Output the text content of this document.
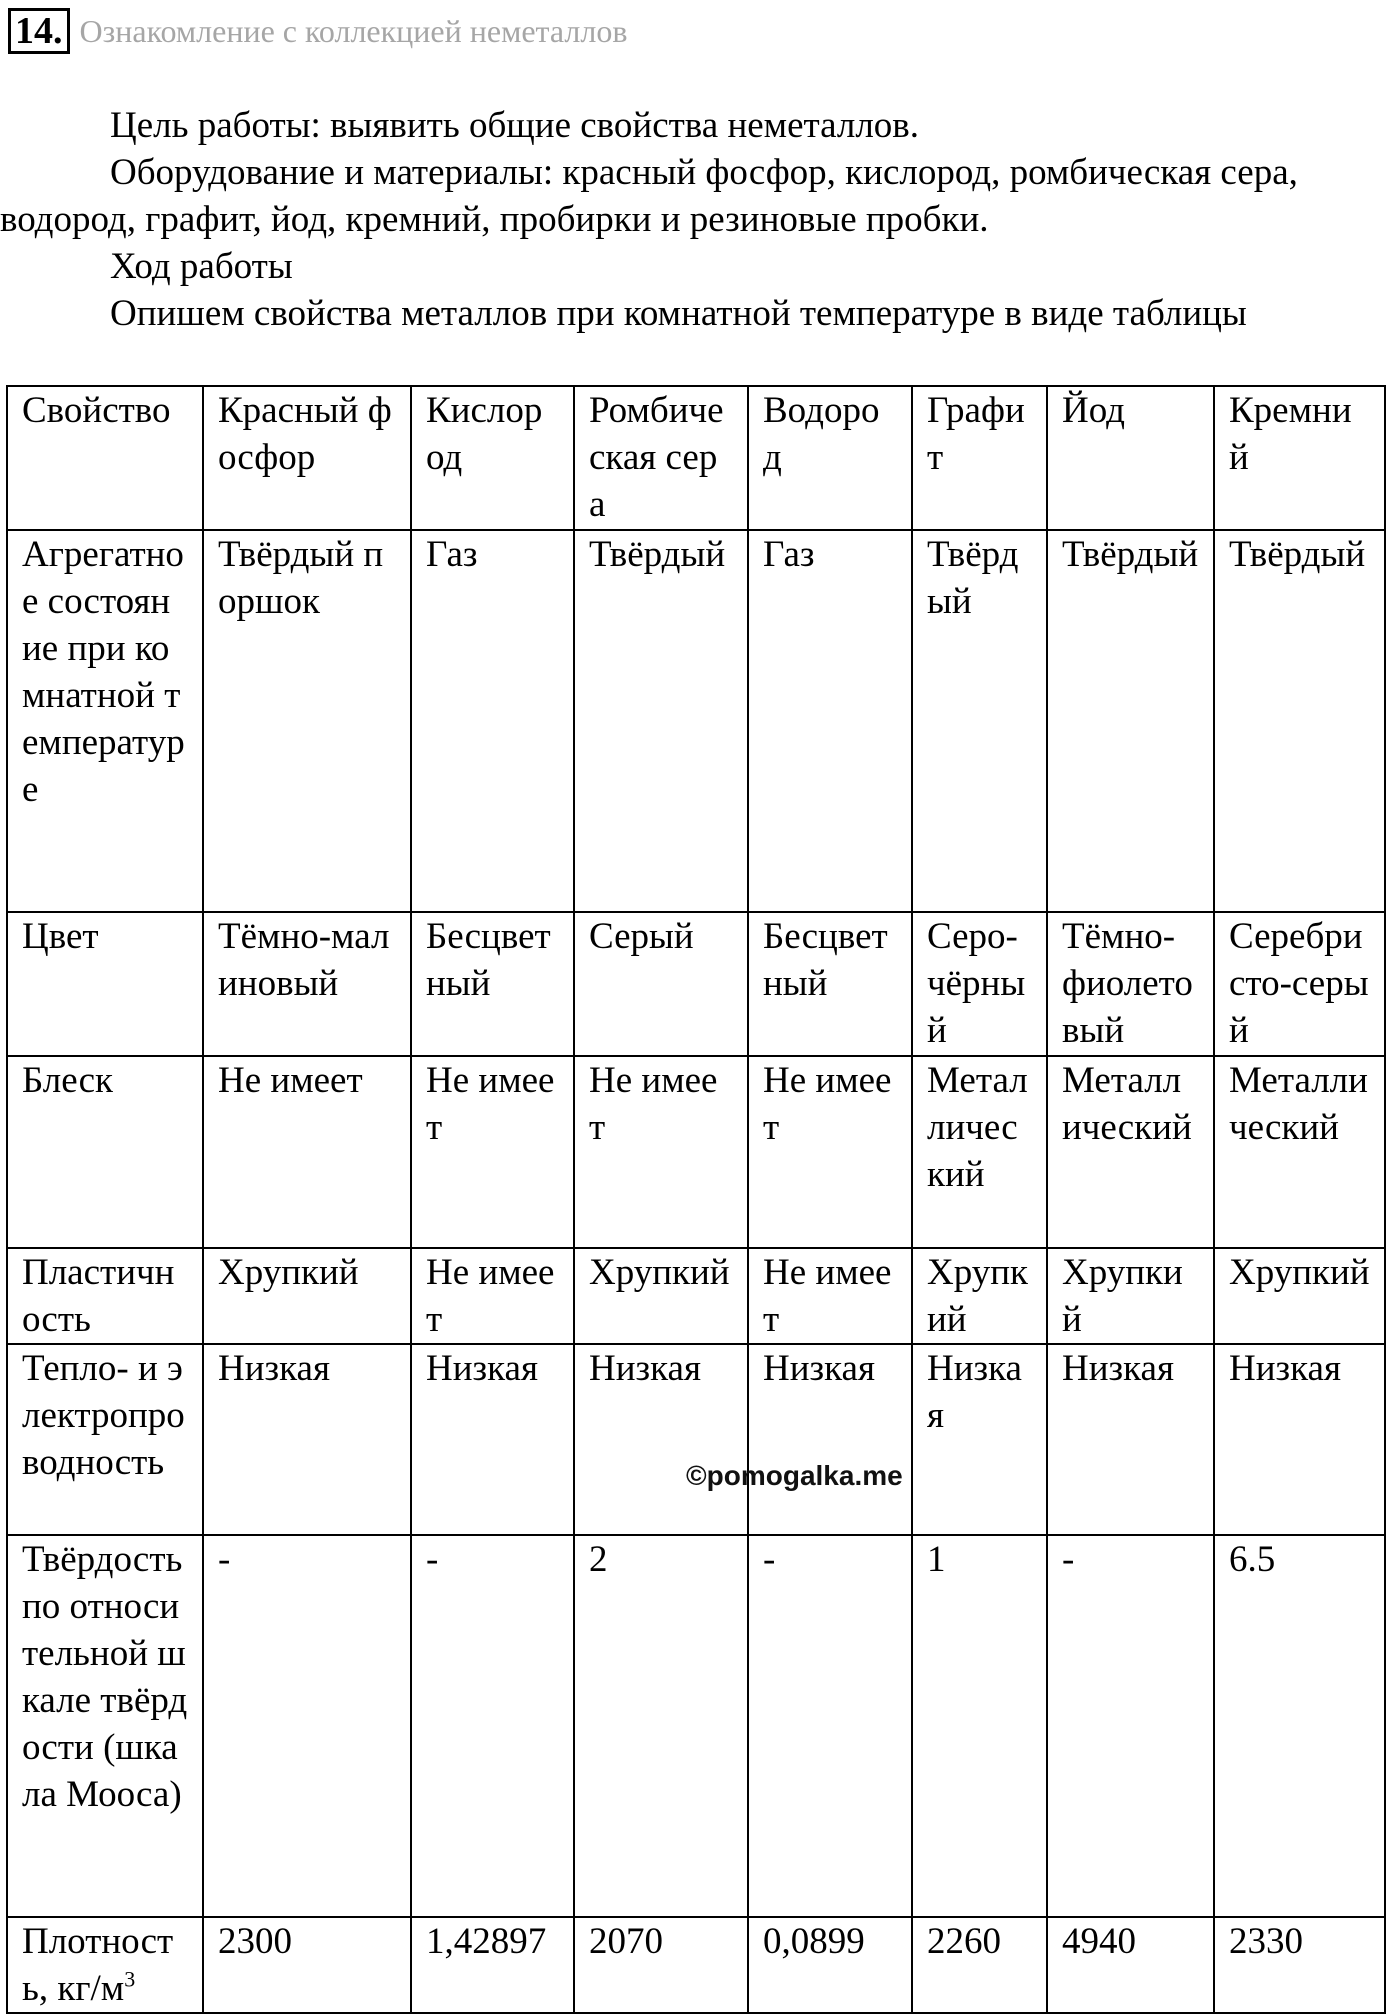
14. Ознакомление с коллекцией неметаллов

Цель работы: выявить общие свойства неметаллов.

Оборудование и материалы: красный фосфор, кислород, ромбическая сера, водород, графит, йод, кремний, пробирки и резиновые пробки.

Ход работы

Опишем свойства металлов при комнатной температуре в виде таблицы

Свойство	Красный фосфор	Кислород	Ромбическая сера	Водород	Графит	Йод	Кремний
Агрегатное состояние при комнатной температуре	Твёрдый поршок	Газ	Твёрдый	Газ	Твёрдый	Твёрдый	Твёрдый
Цвет	Тёмно-малиновый	Бесцветный	Серый	Бесцветный	Серо-чёрный	Тёмно-фиолетовый	Серебристо-серый
Блеск	Не имеет	Не имеет	Не имеет	Не имеет	Металлический	Металлический	Металлический
Пластичность	Хрупкий	Не имеет	Хрупкий	Не имеет	Хрупкий	Хрупкий	Хрупкий
Тепло- и электропроводность	Низкая	Низкая	Низкая	Низкая	Низкая	Низкая	Низкая
Твёрдость по относительной шкале твёрдости (шкала Мооса)	-	-	2	-	1	-	6.5
Плотность, $кг/м^3$	2300	1,42897	2070	0,0899	2260	4940	2330
©pomogalka.me
